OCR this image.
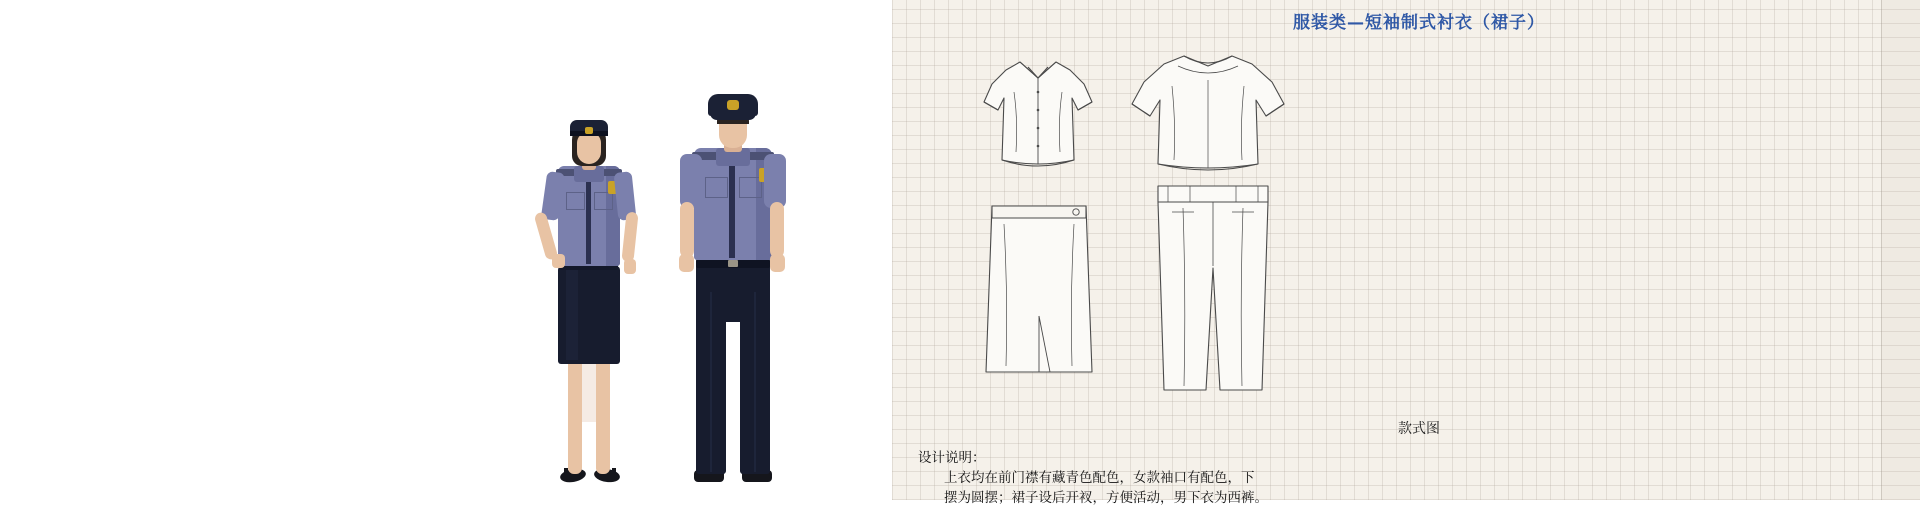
服装类—短袖制式衬衣（裙子）
款式图
设计说明：
上衣均在前门襟有藏青色配色，女款袖口有配色，下
摆为圆摆；裙子设后开衩，方便活动，男下衣为西裤。
